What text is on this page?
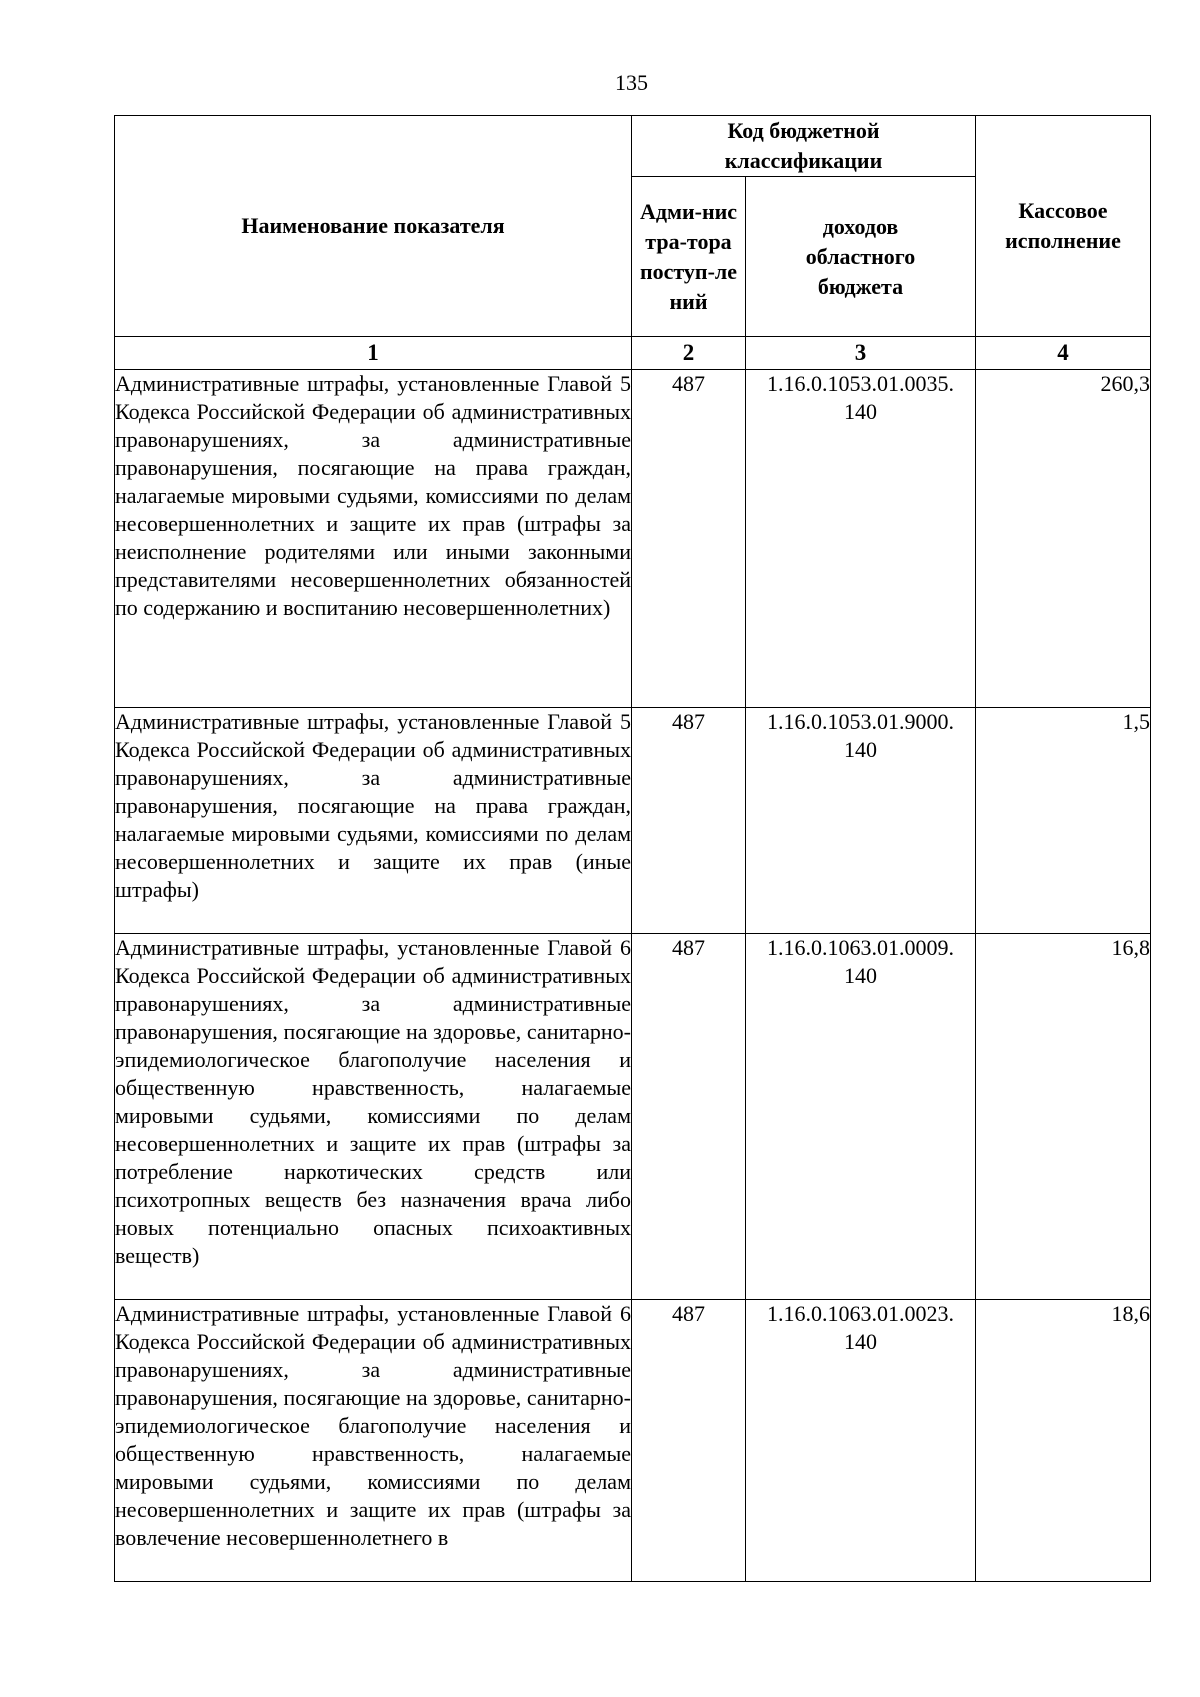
135
Наименование показателя	Код бюджетной классификации		Кассовое исполнение
	Адми-нистра-тора поступ-лений	доходов областного бюджета	
1	2	3	4
Административные штрафы, установленные Главой 5 Кодекса Российской Федерации об административных правонарушениях, за административные правонарушения, посягающие на права граждан, налагаемые мировыми судьями, комиссиями по делам несовершеннолетних и защите их прав (штрафы за неисполнение родителями или иными законными представителями несовершеннолетних обязанностей по содержанию и воспитанию несовершеннолетних)	487	1.16.0.1053.01.0035. 140	260,3
Административные штрафы, установленные Главой 5 Кодекса Российской Федерации об административных правонарушениях, за административные правонарушения, посягающие на права граждан, налагаемые мировыми судьями, комиссиями по делам несовершеннолетних и защите их прав (иные штрафы)	487	1.16.0.1053.01.9000. 140	1,5
Административные штрафы, установленные Главой 6 Кодекса Российской Федерации об административных правонарушениях, за административные правонарушения, посягающие на здоровье, санитарно-эпидемиологическое благополучие населения и общественную нравственность, налагаемые мировыми судьями, комиссиями по делам несовершеннолетних и защите их прав (штрафы за потребление наркотических средств или психотропных веществ без назначения врача либо новых потенциально опасных психоактивных веществ)	487	1.16.0.1063.01.0009. 140	16,8
Административные штрафы, установленные Главой 6 Кодекса Российской Федерации об административных правонарушениях, за административные правонарушения, посягающие на здоровье, санитарно-эпидемиологическое благополучие населения и общественную нравственность, налагаемые мировыми судьями, комиссиями по делам несовершеннолетних и защите их прав (штрафы за вовлечение несовершеннолетнего в	487	1.16.0.1063.01.0023. 140	18,6
